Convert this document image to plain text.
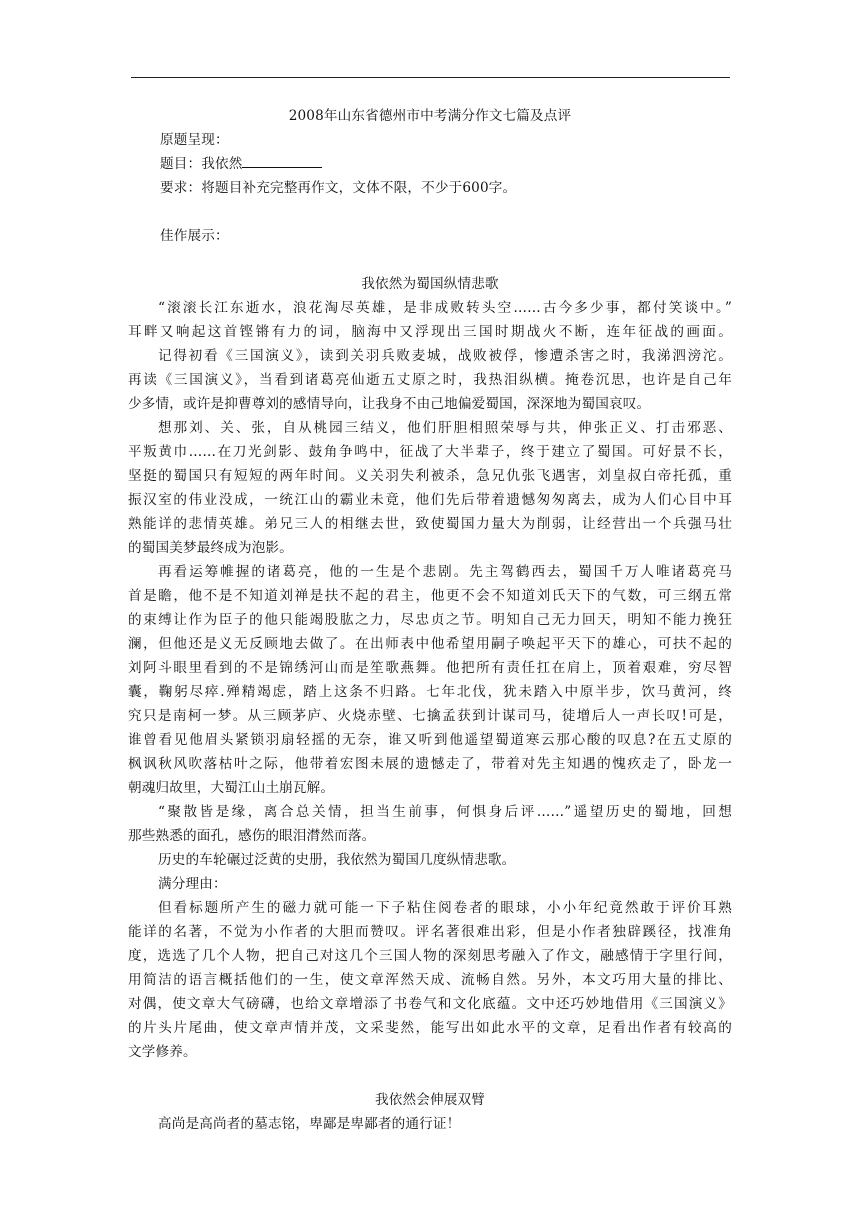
2008年山东省德州市中考满分作文七篇及点评
原题呈现：
题目：我依然
要求：将题目补充完整再作文，文体不限，不少于600字。
佳作展示：
我依然为蜀国纵情悲歌
“滚滚长江东逝水，浪花淘尽英雄，是非成败转头空……古今多少事，都付笑谈中。”
耳畔又响起这首铿锵有力的词，脑海中又浮现出三国时期战火不断，连年征战的画面。
记得初看《三国演义》，读到关羽兵败麦城，战败被俘，惨遭杀害之时，我涕泗滂沱。
再读《三国演义》，当看到诸葛亮仙逝五丈原之时，我热泪纵横。掩卷沉思，也许是自己年
少多情，或许是抑曹尊刘的感情导向，让我身不由己地偏爱蜀国，深深地为蜀国哀叹。
想那刘、关、张，自从桃园三结义，他们肝胆相照荣辱与共，伸张正义、打击邪恶、
平叛黄巾……在刀光剑影、鼓角争鸣中，征战了大半辈子，终于建立了蜀国。可好景不长，
坚挺的蜀国只有短短的两年时间。义关羽失利被杀，急兄仇张飞遇害，刘皇叔白帝托孤，重
振汉室的伟业没成，一统江山的霸业未竟，他们先后带着遗憾匆匆离去，成为人们心目中耳
熟能详的悲情英雄。弟兄三人的相继去世，致使蜀国力量大为削弱，让经营出一个兵强马壮
的蜀国美梦最终成为泡影。
再看运筹帷握的诸葛亮，他的一生是个悲剧。先主驾鹤西去，蜀国千万人唯诸葛亮马
首是瞻，他不是不知道刘禅是扶不起的君主，他更不会不知道刘氏天下的气数，可三纲五常
的束缚让作为臣子的他只能竭股肱之力，尽忠贞之节。明知自己无力回天，明知不能力挽狂
澜，但他还是义无反顾地去做了。在出师表中他希望用嗣子唤起平天下的雄心，可扶不起的
刘阿斗眼里看到的不是锦绣河山而是笙歌燕舞。他把所有责任扛在肩上，顶着艰难，穷尽智
囊，鞠躬尽瘁.殚精竭虑，踏上这条不归路。七年北伐，犹未踏入中原半步，饮马黄河，终
究只是南柯一梦。从三顾茅庐、火烧赤壁、七擒孟获到计谋司马，徒增后人一声长叹!可是，
谁曾看见他眉头紧锁羽扇轻摇的无奈，谁又听到他遥望蜀道寒云那心酸的叹息?在五丈原的
枫讽秋风吹落枯叶之际，他带着宏图未展的遗憾走了，带着对先主知遇的愧疚走了，卧龙一
朝魂归故里，大蜀江山土崩瓦解。
“聚散皆是缘，离合总关情，担当生前事，何惧身后评……”遥望历史的蜀地，回想
那些熟悉的面孔，感伤的眼泪潸然而落。
历史的车轮碾过泛黄的史册，我依然为蜀国几度纵情悲歌。
满分理由：
但看标题所产生的磁力就可能一下子粘住阅卷者的眼球，小小年纪竟然敢于评价耳熟
能详的名著，不觉为小作者的大胆而赞叹。评名著很难出彩，但是小作者独辟蹊径，找准角
度，选选了几个人物，把自己对这几个三国人物的深刻思考融入了作文，融感情于字里行间，
用简洁的语言概括他们的一生，使文章浑然天成、流畅自然。另外，本文巧用大量的排比、
对偶，使文章大气磅礴，也给文章增添了书卷气和文化底蕴。文中还巧妙地借用《三国演义》
的片头片尾曲，使文章声情并茂，文采斐然，能写出如此水平的文章，足看出作者有较高的
文学修养。
我依然会伸展双臂
高尚是高尚者的墓志铭，卑鄙是卑鄙者的通行证！
